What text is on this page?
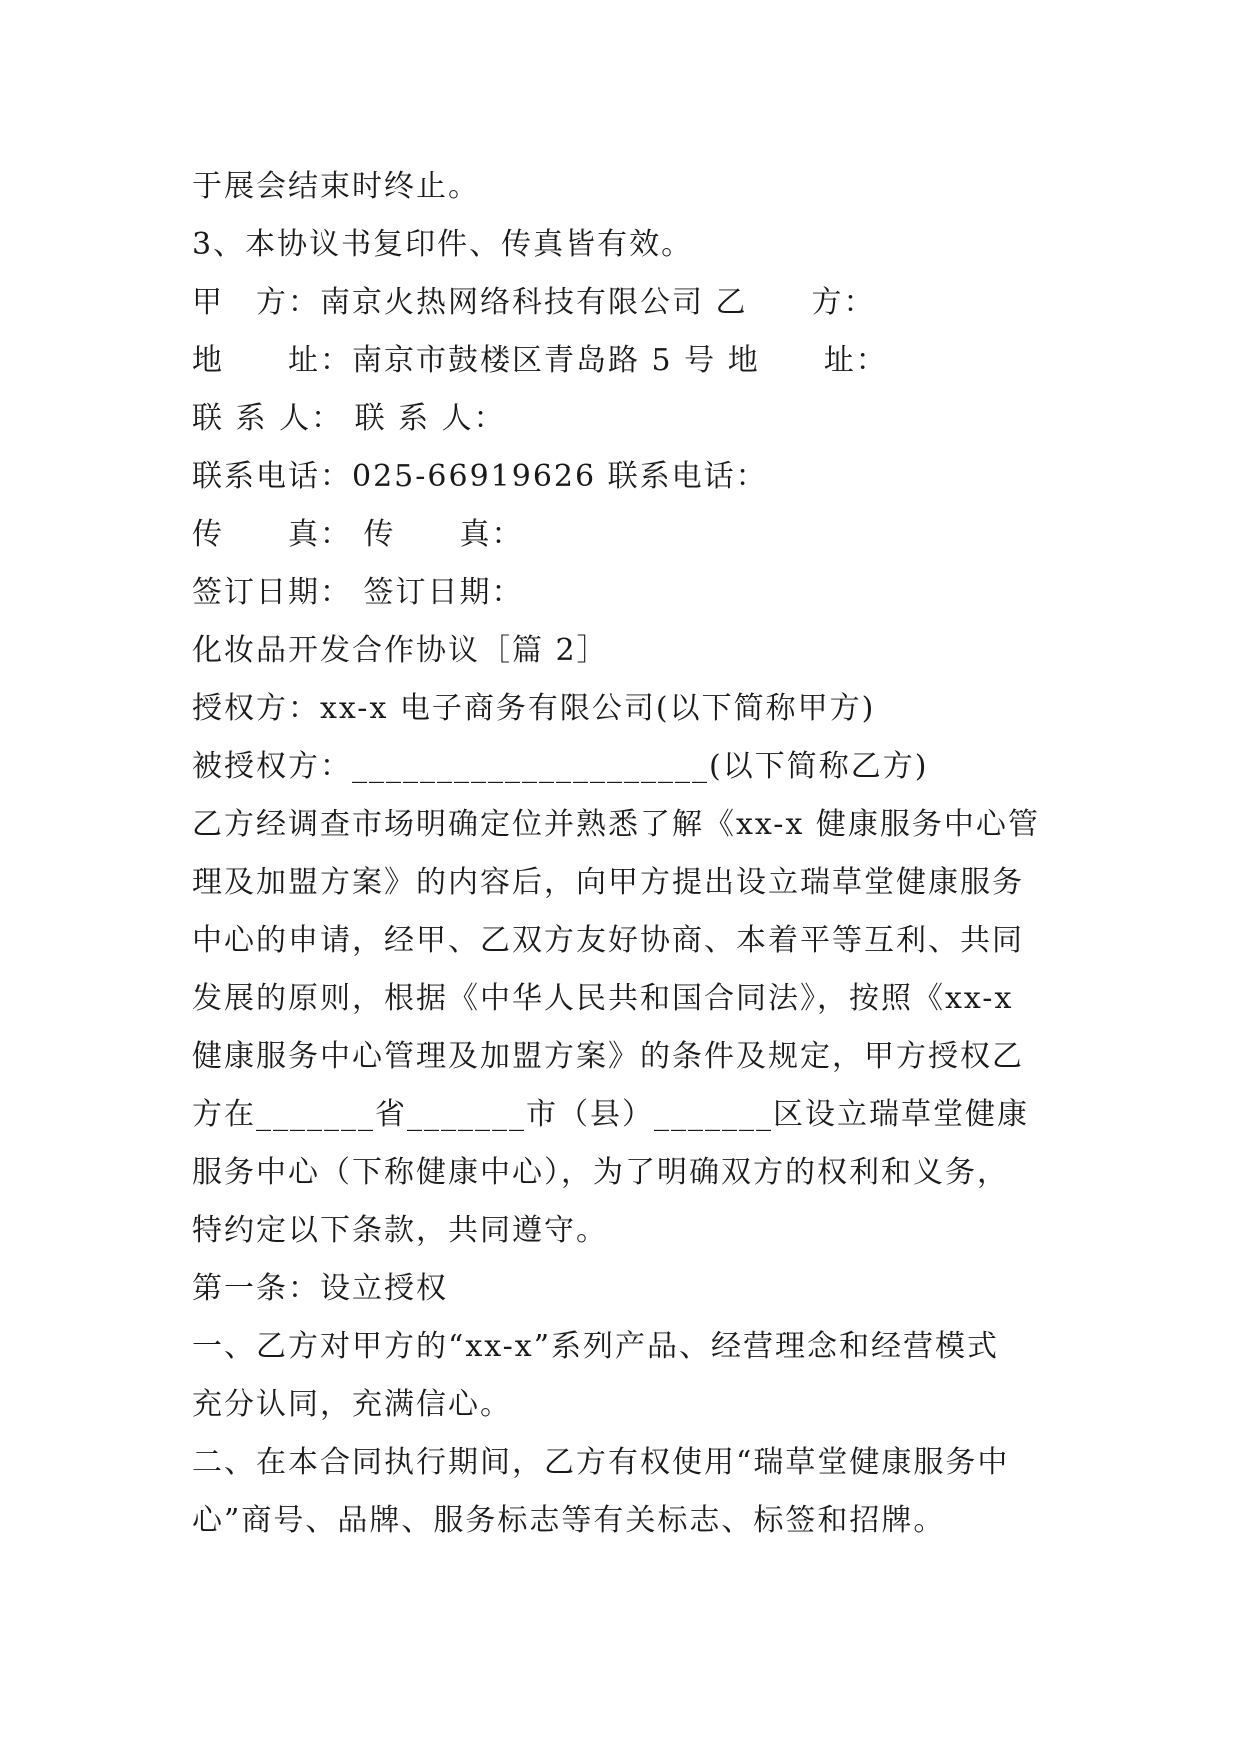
于展会结束时终止。
3、本协议书复印件、传真皆有效。
甲　方：南京火热网络科技有限公司 乙　　方：
地　　址：南京市鼓楼区青岛路 5 号 地　　址：
联 系 人： 联 系 人：
联系电话：025-66919626 联系电话：
传　　真： 传　　真：
签订日期： 签订日期：
化妆品开发合作协议［篇 2］
授权方：xx-x 电子商务有限公司(以下简称甲方)
被授权方：_____________________(以下简称乙方)
乙方经调查市场明确定位并熟悉了解《xx-x 健康服务中心管
理及加盟方案》的内容后，向甲方提出设立瑞草堂健康服务
中心的申请，经甲、乙双方友好协商、本着平等互利、共同
发展的原则，根据《中华人民共和国合同法》，按照《xx-x
健康服务中心管理及加盟方案》的条件及规定，甲方授权乙
方在_______省_______市（县）_______区设立瑞草堂健康
服务中心（下称健康中心），为了明确双方的权利和义务，
特约定以下条款，共同遵守。
第一条：设立授权
一、乙方对甲方的“xx-x”系列产品、经营理念和经营模式
充分认同，充满信心。
二、在本合同执行期间，乙方有权使用“瑞草堂健康服务中
心”商号、品牌、服务标志等有关标志、标签和招牌。
